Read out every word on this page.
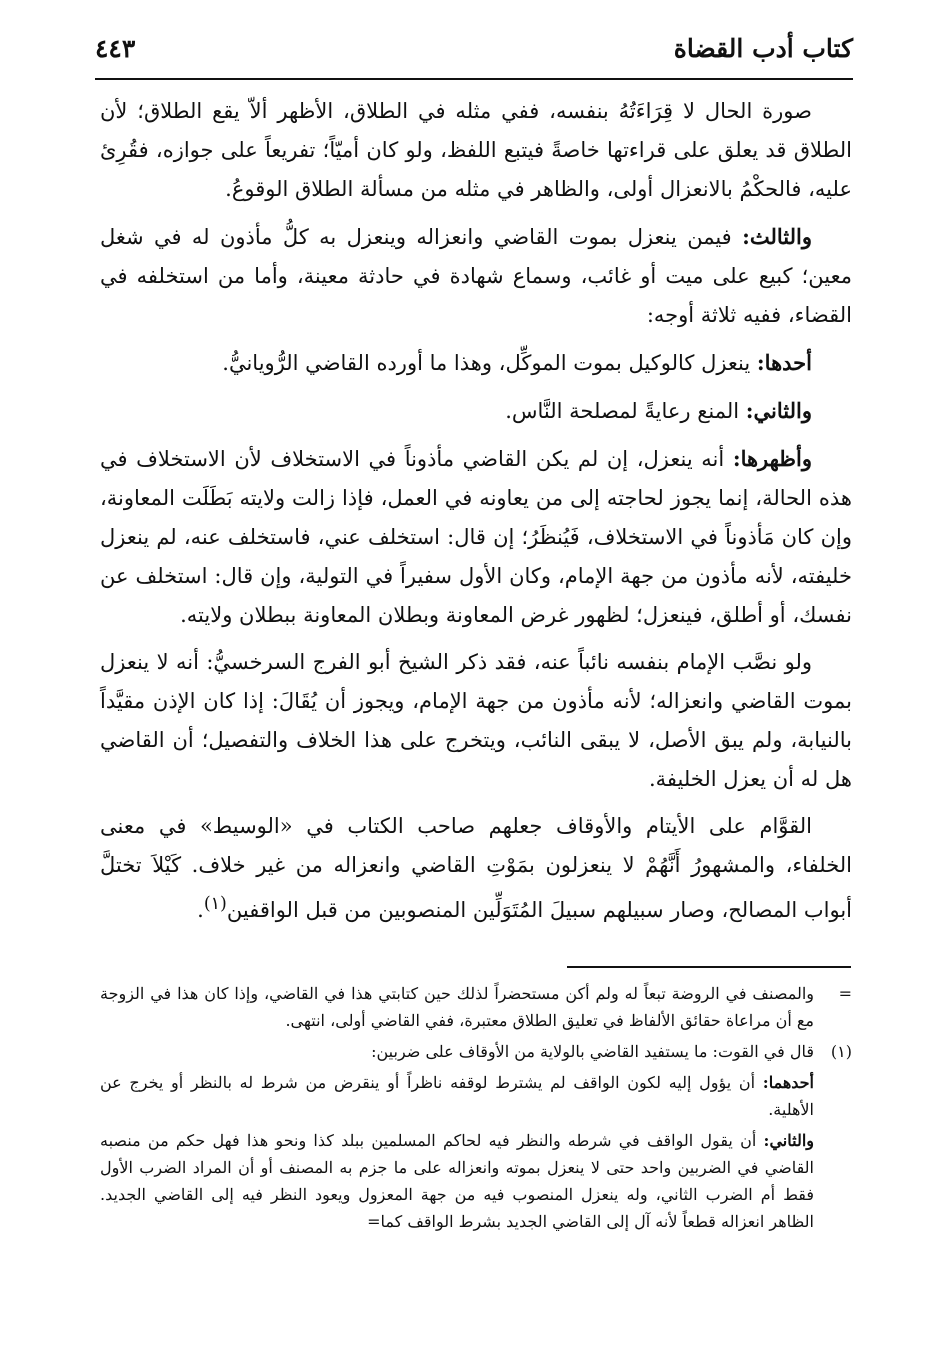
كتاب أدب القضاة
٤٤٣

صورة الحال لا قِرَاءَتُهُ بنفسه، ففي مثله في الطلاق، الأظهر ألاّ يقع الطلاق؛ لأن الطلاق قد يعلق على قراءتها خاصةً فيتبع اللفظ، ولو كان أميّاً؛ تفريعاً على جوازه، فقُرِئ عليه، فالحكْمُ بالانعزال أولى، والظاهر في مثله من مسألة الطلاق الوقوعُ.

والثالث: فيمن ينعزل بموت القاضي وانعزاله وينعزل به كلُّ مأذون له في شغل معين؛ كبيع على ميت أو غائب، وسماع شهادة في حادثة معينة، وأما من استخلفه في القضاء، ففيه ثلاثة أوجه:

أحدها: ينعزل كالوكيل بموت الموكِّل، وهذا ما أورده القاضي الرُّويانيُّ.

والثاني: المنع رعايةً لمصلحة النَّاس.

وأظهرها: أنه ينعزل، إن لم يكن القاضي مأذوناً في الاستخلاف لأن الاستخلاف في هذه الحالة، إنما يجوز لحاجته إلى من يعاونه في العمل، فإذا زالت ولايته بَطَلَت المعاونة، وإن كان مَأذوناً في الاستخلاف، فَيُنظَرُ؛ إن قال: استخلف عني، فاستخلف عنه، لم ينعزل خليفته، لأنه مأذون من جهة الإمام، وكان الأول سفيراً في التولية، وإن قال: استخلف عن نفسك، أو أطلق، فينعزل؛ لظهور غرض المعاونة وبطلان المعاونة ببطلان ولايته.

ولو نصَّب الإمام بنفسه نائباً عنه، فقد ذكر الشيخ أبو الفرج السرخسيُّ: أنه لا ينعزل بموت القاضي وانعزاله؛ لأنه مأذون من جهة الإمام، ويجوز أن يُقَالَ: إذا كان الإذن مقيَّداً بالنيابة، ولم يبق الأصل، لا يبقى النائب، ويتخرج على هذا الخلاف والتفصيل؛ أن القاضي هل له أن يعزل الخليفة.

القوَّام على الأيتام والأوقاف جعلهم صاحب الكتاب في «الوسيط» في معنى الخلفاء، والمشهورُ أَنَّهُمْ لا ينعزلون بمَوْتِ القاضي وانعزاله من غير خلاف. كَيْلاَ تختلَّ أبواب المصالح، وصار سبيلهم سبيلَ المُتَوَلِّين المنصوبين من قبل الواقفين$^{(١)}$.

=
والمصنف في الروضة تبعاً له ولم أكن مستحضراً لذلك حين كتابتي هذا في القاضي، وإذا كان هذا في الزوجة مع أن مراعاة حقائق الألفاظ في تعليق الطلاق معتبرة، ففي القاضي أولى، انتهى.
(١)
قال في القوت: ما يستفيد القاضي بالولاية من الأوقاف على ضربين:
أحدهما: أن يؤول إليه لكون الواقف لم يشترط لوقفه ناظراً أو ينقرض من شرط له بالنظر أو يخرج عن الأهلية.
والثاني: أن يقول الواقف في شرطه والنظر فيه لحاكم المسلمين ببلد كذا ونحو هذا فهل حكم من منصبه القاضي في الضربين واحد حتى لا ينعزل بموته وانعزاله على ما جزم به المصنف أو أن المراد الضرب الأول فقط أم الضرب الثاني، وله ينعزل المنصوب فيه من جهة المعزول ويعود النظر فيه إلى القاضي الجديد. الظاهر انعزاله قطعاً لأنه آل إلى القاضي الجديد بشرط الواقف كما=
